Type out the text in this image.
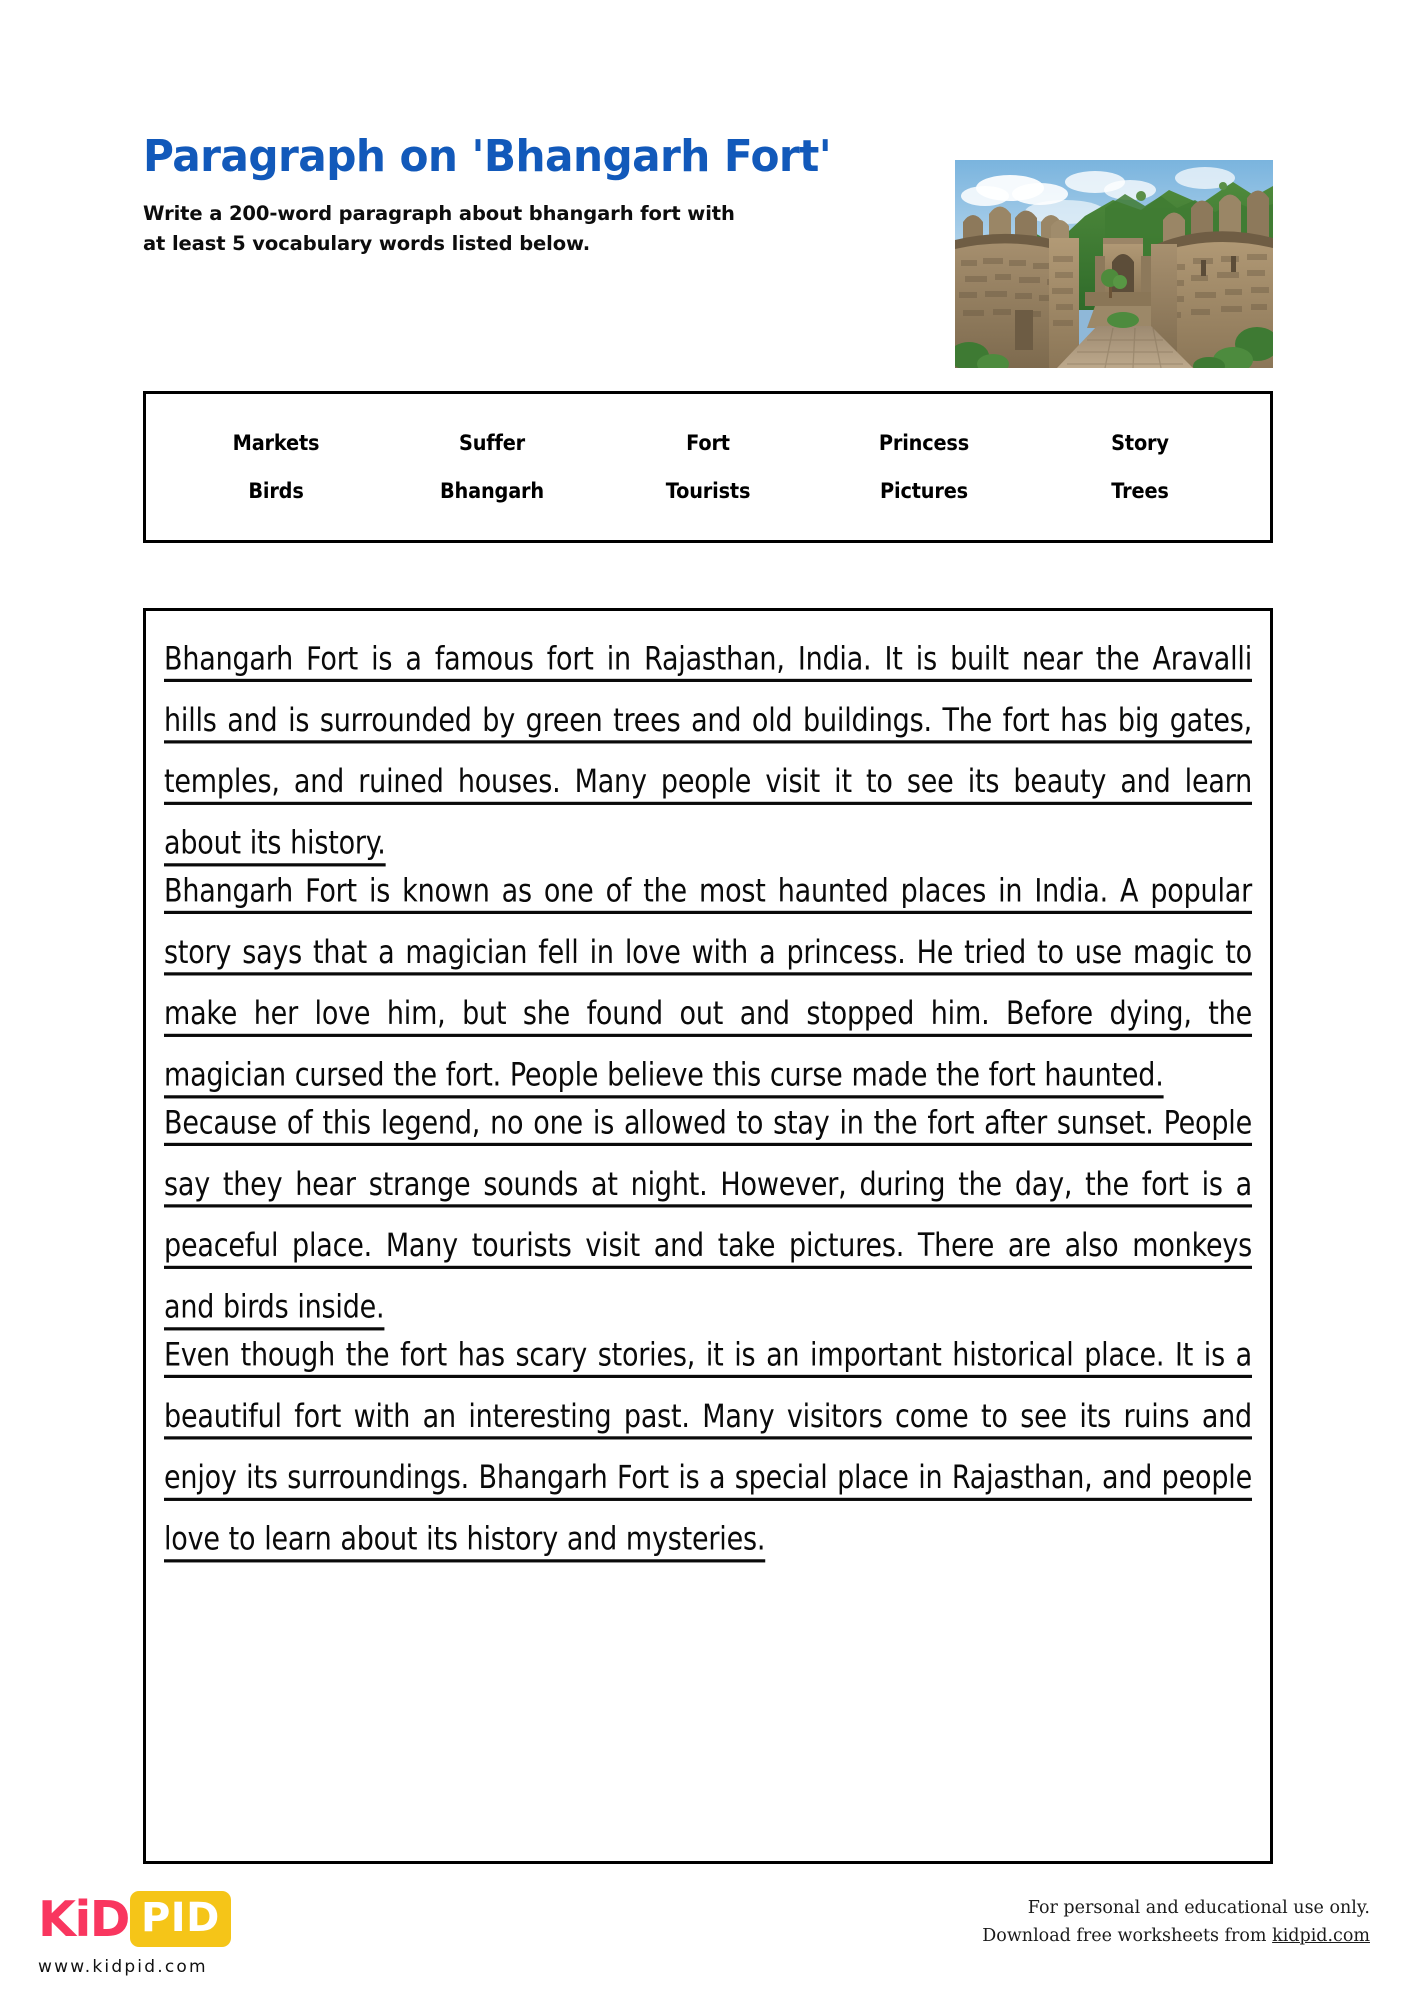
Paragraph on 'Bhangarh Fort'
Write a 200-word paragraph about bhangarh fort with
at least 5 vocabulary words listed below.
Markets	Suffer	Fort	Princess	Story
Birds	Bhangarh	Tourists	Pictures	Trees
Bhangarh Fort is a famous fort in Rajasthan, India. It is built near the Aravalli hills and is surrounded by green trees and old buildings. The fort has big gates, temples, and ruined houses. Many people visit it to see its beauty and learn about its history.
Bhangarh Fort is known as one of the most haunted places in India. A popular story says that a magician fell in love with a princess. He tried to use magic to make her love him, but she found out and stopped him. Before dying, the magician cursed the fort. People believe this curse made the fort haunted.
Because of this legend, no one is allowed to stay in the fort after sunset. People say they hear strange sounds at night. However, during the day, the fort is a peaceful place. Many tourists visit and take pictures. There are also monkeys and birds inside.
Even though the fort has scary stories, it is an important historical place. It is a beautiful fort with an interesting past. Many visitors come to see its ruins and enjoy its surroundings. Bhangarh Fort is a special place in Rajasthan, and people love to learn about its history and mysteries.
KiD PID
www.kidpid.com
For personal and educational use only.
Download free worksheets from kidpid.com
